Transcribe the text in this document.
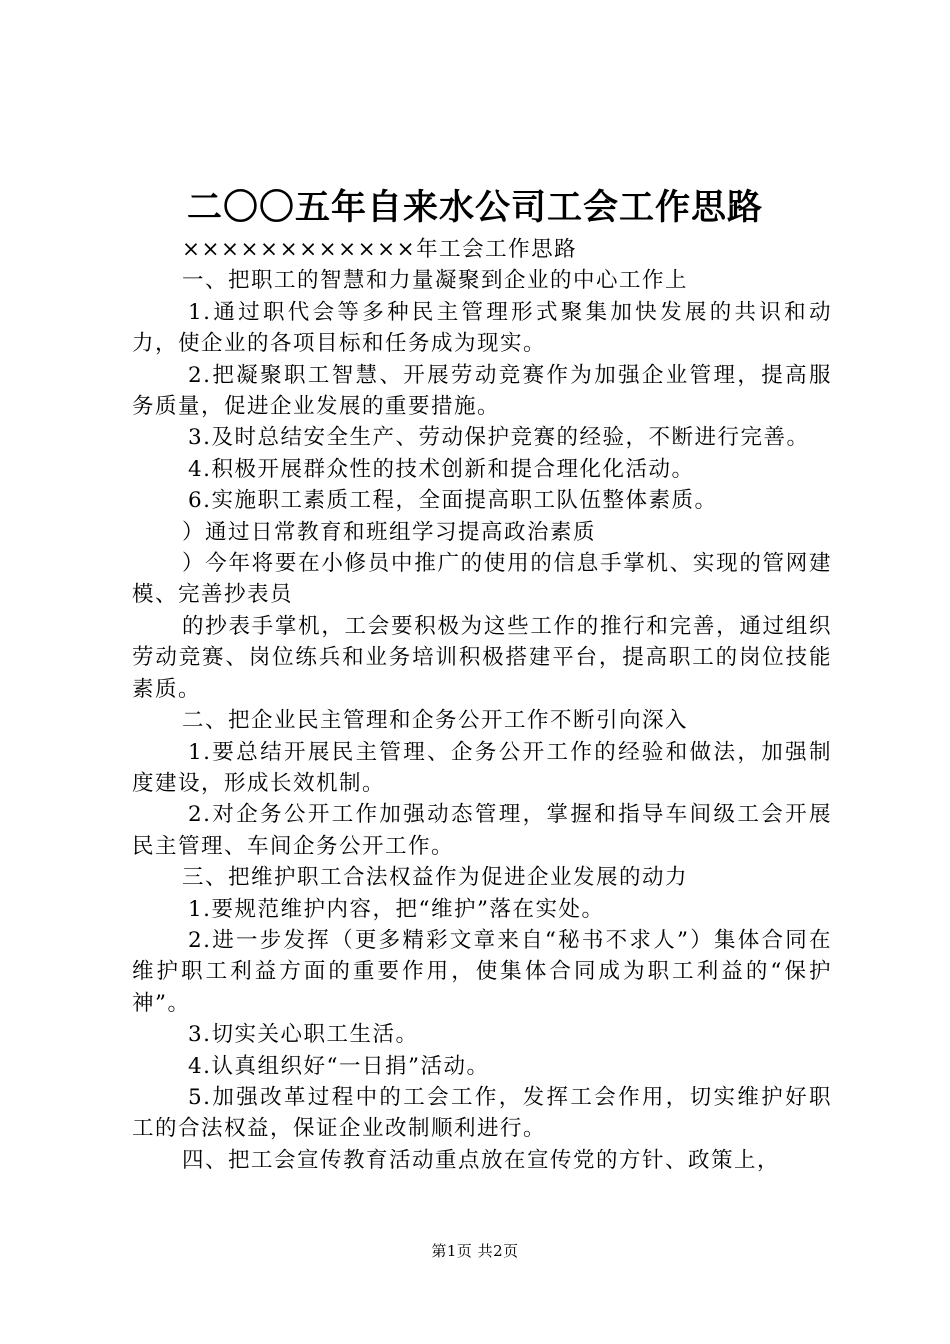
二〇〇五年自来水公司工会工作思路

××××××××××××年工会工作思路

一、把职工的智慧和力量凝聚到企业的中心工作上

1.通过职代会等多种民主管理形式聚集加快发展的共识和动力，使企业的各项目标和任务成为现实。

2.把凝聚职工智慧、开展劳动竞赛作为加强企业管理，提高服务质量，促进企业发展的重要措施。

3.及时总结安全生产、劳动保护竞赛的经验，不断进行完善。

4.积极开展群众性的技术创新和提合理化化活动。

6.实施职工素质工程，全面提高职工队伍整体素质。

）通过日常教育和班组学习提高政治素质

）今年将要在小修员中推广的使用的信息手掌机、实现的管网建模、完善抄表员

的抄表手掌机，工会要积极为这些工作的推行和完善，通过组织劳动竞赛、岗位练兵和业务培训积极搭建平台，提高职工的岗位技能素质。

二、把企业民主管理和企务公开工作不断引向深入

1.要总结开展民主管理、企务公开工作的经验和做法，加强制度建设，形成长效机制。

2.对企务公开工作加强动态管理，掌握和指导车间级工会开展民主管理、车间企务公开工作。

三、把维护职工合法权益作为促进企业发展的动力

1.要规范维护内容，把“维护”落在实处。

2.进一步发挥（更多精彩文章来自“秘书不求人”）集体合同在维护职工利益方面的重要作用，使集体合同成为职工利益的“保护神”。

3.切实关心职工生活。

4.认真组织好“一日捐”活动。

5.加强改革过程中的工会工作，发挥工会作用，切实维护好职工的合法权益，保证企业改制顺利进行。

四、把工会宣传教育活动重点放在宣传党的方针、政策上，

第1页 共2页
